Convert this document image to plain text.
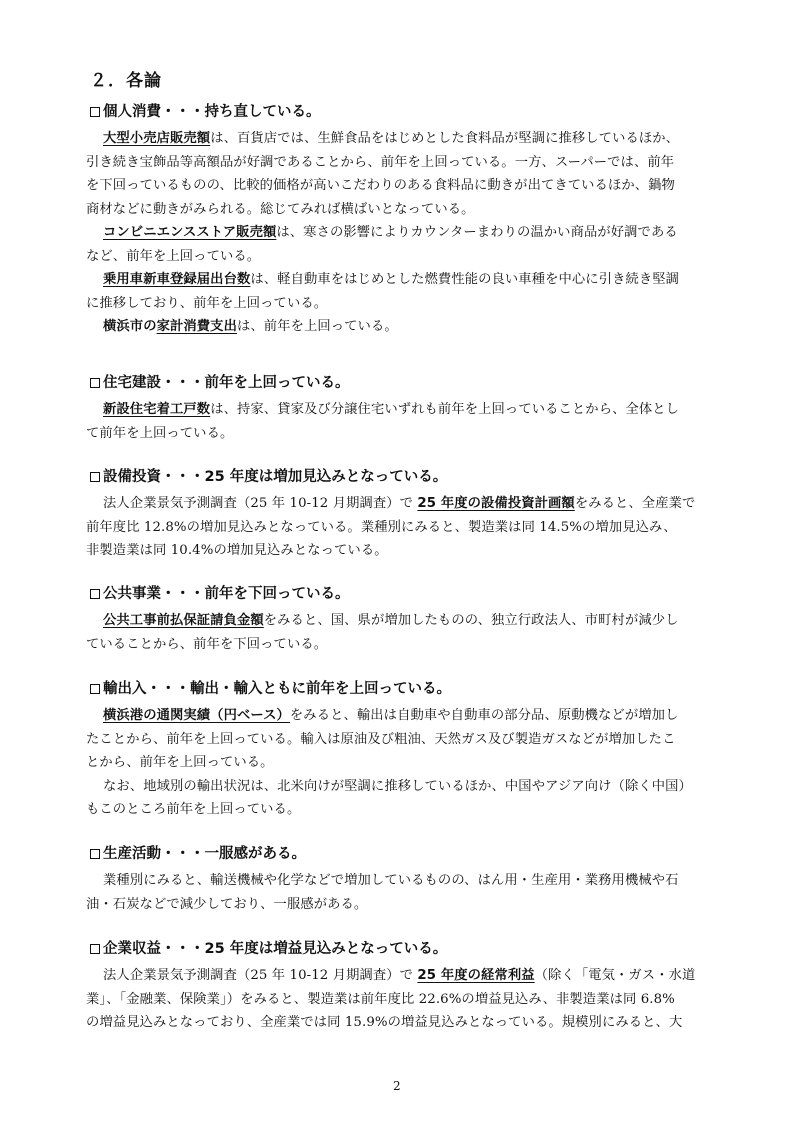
２．各論
個人消費・・・持ち直している。
大型小売店販売額は、百貨店では、生鮮食品をはじめとした食料品が堅調に推移しているほか、
引き続き宝飾品等高額品が好調であることから、前年を上回っている。一方、スーパーでは、前年
を下回っているものの、比較的価格が高いこだわりのある食料品に動きが出てきているほか、鍋物
商材などに動きがみられる。総じてみれば横ばいとなっている。
コンビニエンスストア販売額は、寒さの影響によりカウンターまわりの温かい商品が好調である
など、前年を上回っている。
乗用車新車登録届出台数は、軽自動車をはじめとした燃費性能の良い車種を中心に引き続き堅調
に推移しており、前年を上回っている。
横浜市の家計消費支出は、前年を上回っている。
住宅建設・・・前年を上回っている。
新設住宅着工戸数は、持家、貸家及び分譲住宅いずれも前年を上回っていることから、全体とし
て前年を上回っている。
設備投資・・・25 年度は増加見込みとなっている。
法人企業景気予測調査（25 年 10-12 月期調査）で 25 年度の設備投資計画額をみると、全産業で
前年度比 12.8%の増加見込みとなっている。業種別にみると、製造業は同 14.5%の増加見込み、
非製造業は同 10.4%の増加見込みとなっている。
公共事業・・・前年を下回っている。
公共工事前払保証請負金額をみると、国、県が増加したものの、独立行政法人、市町村が減少し
ていることから、前年を下回っている。
輸出入・・・輸出・輸入ともに前年を上回っている。
横浜港の通関実績（円ベース）をみると、輸出は自動車や自動車の部分品、原動機などが増加し
たことから、前年を上回っている。輸入は原油及び粗油、天然ガス及び製造ガスなどが増加したこ
とから、前年を上回っている。
なお、地域別の輸出状況は、北米向けが堅調に推移しているほか、中国やアジア向け（除く中国）
もこのところ前年を上回っている。
生産活動・・・一服感がある。
業種別にみると、輸送機械や化学などで増加しているものの、はん用・生産用・業務用機械や石
油・石炭などで減少しており、一服感がある。
企業収益・・・25 年度は増益見込みとなっている。
法人企業景気予測調査（25 年 10-12 月期調査）で 25 年度の経常利益（除く「電気・ガス・水道
業」、「金融業、保険業」）をみると、製造業は前年度比 22.6%の増益見込み、非製造業は同 6.8%
の増益見込みとなっており、全産業では同 15.9%の増益見込みとなっている。規模別にみると、大
2
